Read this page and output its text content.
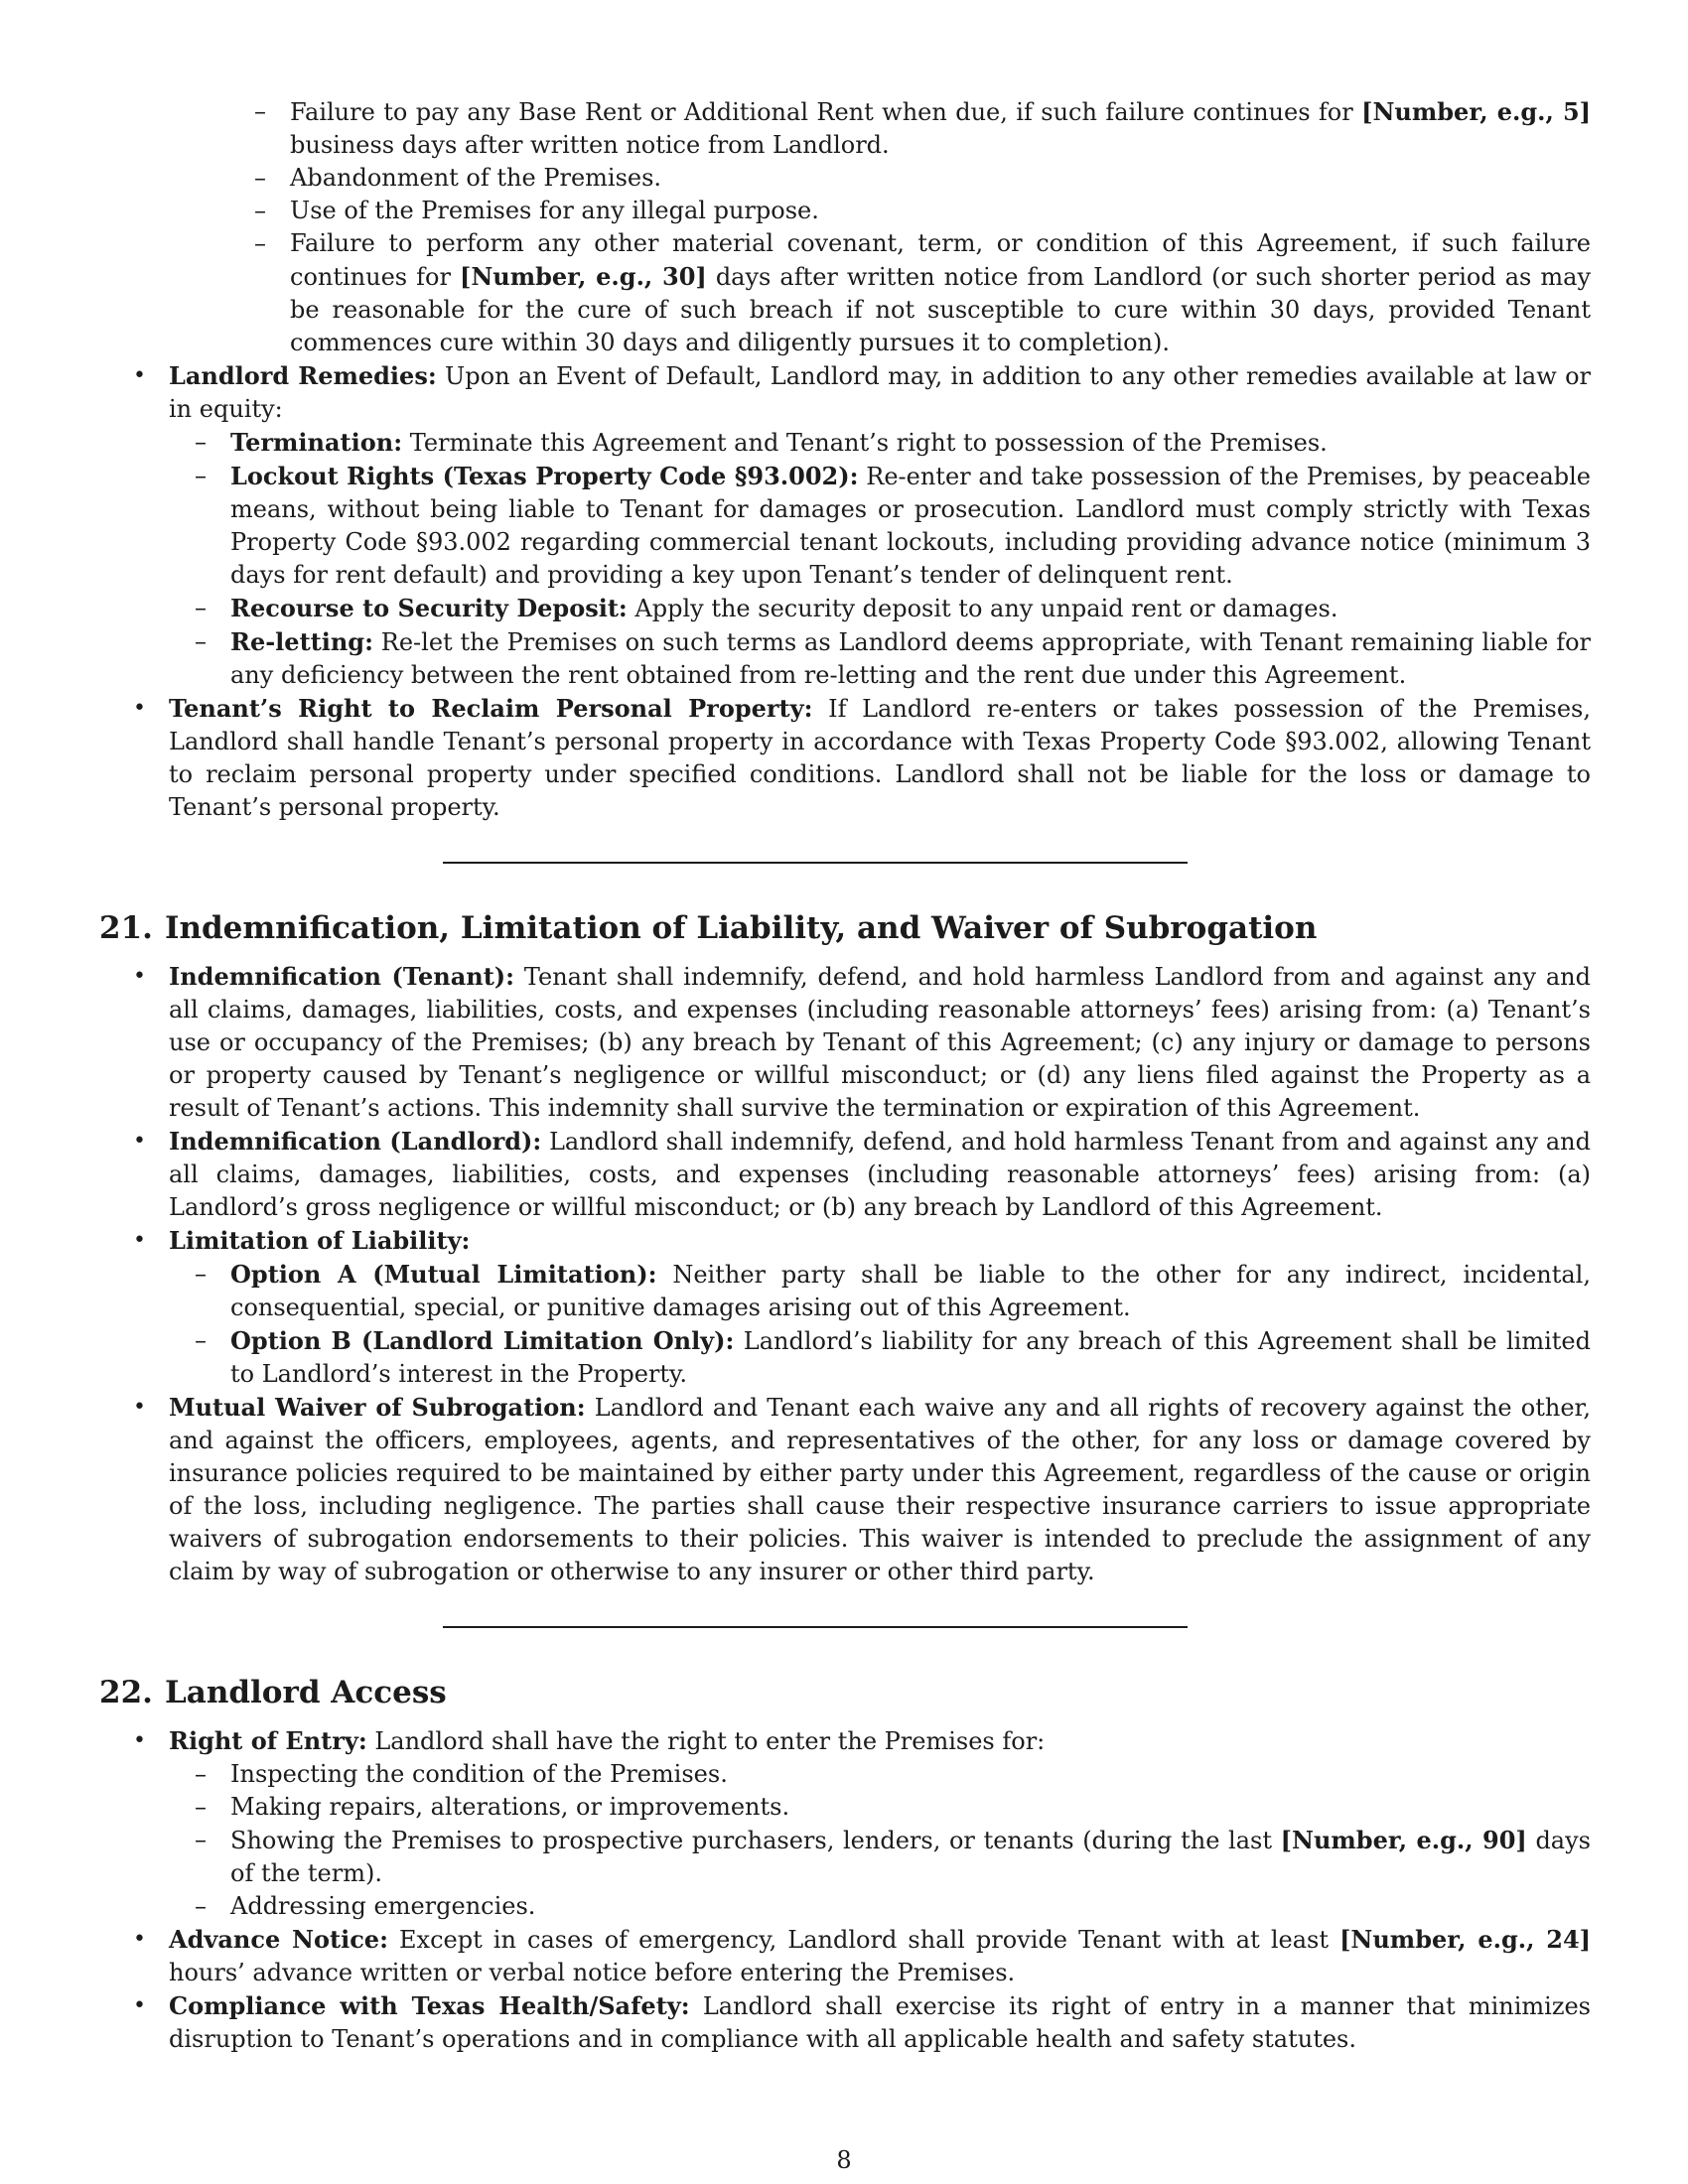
– Failure to pay any Base Rent or Additional Rent when due, if such failure continues for [Number, e.g., 5] business days after written notice from Landlord.
– Abandonment of the Premises.
– Use of the Premises for any illegal purpose.
– Failure to perform any other material covenant, term, or condition of this Agreement, if such failure continues for [Number, e.g., 30] days after written notice from Landlord (or such shorter period as may be reasonable for the cure of such breach if not susceptible to cure within 30 days, provided Tenant commences cure within 30 days and diligently pursues it to completion).
• Landlord Remedies: Upon an Event of Default, Landlord may, in addition to any other remedies available at law or in equity:
– Termination: Terminate this Agreement and Tenant’s right to possession of the Premises.
– Lockout Rights (Texas Property Code §93.002): Re-enter and take possession of the Premises, by peaceable means, without being liable to Tenant for damages or prosecution. Landlord must comply strictly with Texas Property Code §93.002 regarding commercial tenant lockouts, including providing advance notice (minimum 3 days for rent default) and providing a key upon Tenant’s tender of delinquent rent.
– Recourse to Security Deposit: Apply the security deposit to any unpaid rent or damages.
– Re-letting: Re-let the Premises on such terms as Landlord deems appropriate, with Tenant remaining liable for any deficiency between the rent obtained from re-letting and the rent due under this Agreement.
• Tenant’s Right to Reclaim Personal Property: If Landlord re-enters or takes possession of the Premises, Landlord shall handle Tenant’s personal property in accordance with Texas Property Code §93.002, allowing Tenant to reclaim personal property under specified conditions. Landlord shall not be liable for the loss or damage to Tenant’s personal property.
21. Indemnification, Limitation of Liability, and Waiver of Subrogation
• Indemnification (Tenant): Tenant shall indemnify, defend, and hold harmless Landlord from and against any and all claims, damages, liabilities, costs, and expenses (including reasonable attorneys’ fees) arising from: (a) Tenant’s use or occupancy of the Premises; (b) any breach by Tenant of this Agreement; (c) any injury or damage to persons or property caused by Tenant’s negligence or willful misconduct; or (d) any liens filed against the Property as a result of Tenant’s actions. This indemnity shall survive the termination or expiration of this Agreement.
• Indemnification (Landlord): Landlord shall indemnify, defend, and hold harmless Tenant from and against any and all claims, damages, liabilities, costs, and expenses (including reasonable attorneys’ fees) arising from: (a) Landlord’s gross negligence or willful misconduct; or (b) any breach by Landlord of this Agreement.
• Limitation of Liability:
– Option A (Mutual Limitation): Neither party shall be liable to the other for any indirect, incidental, consequential, special, or punitive damages arising out of this Agreement.
– Option B (Landlord Limitation Only): Landlord’s liability for any breach of this Agreement shall be limited to Landlord’s interest in the Property.
• Mutual Waiver of Subrogation: Landlord and Tenant each waive any and all rights of recovery against the other, and against the officers, employees, agents, and representatives of the other, for any loss or damage covered by insurance policies required to be maintained by either party under this Agreement, regardless of the cause or origin of the loss, including negligence. The parties shall cause their respective insurance carriers to issue appropriate waivers of subrogation endorsements to their policies. This waiver is intended to preclude the assignment of any claim by way of subrogation or otherwise to any insurer or other third party.
22. Landlord Access
• Right of Entry: Landlord shall have the right to enter the Premises for:
– Inspecting the condition of the Premises.
– Making repairs, alterations, or improvements.
– Showing the Premises to prospective purchasers, lenders, or tenants (during the last [Number, e.g., 90] days of the term).
– Addressing emergencies.
• Advance Notice: Except in cases of emergency, Landlord shall provide Tenant with at least [Number, e.g., 24] hours’ advance written or verbal notice before entering the Premises.
• Compliance with Texas Health/Safety: Landlord shall exercise its right of entry in a manner that minimizes disruption to Tenant’s operations and in compliance with all applicable health and safety statutes.
8
